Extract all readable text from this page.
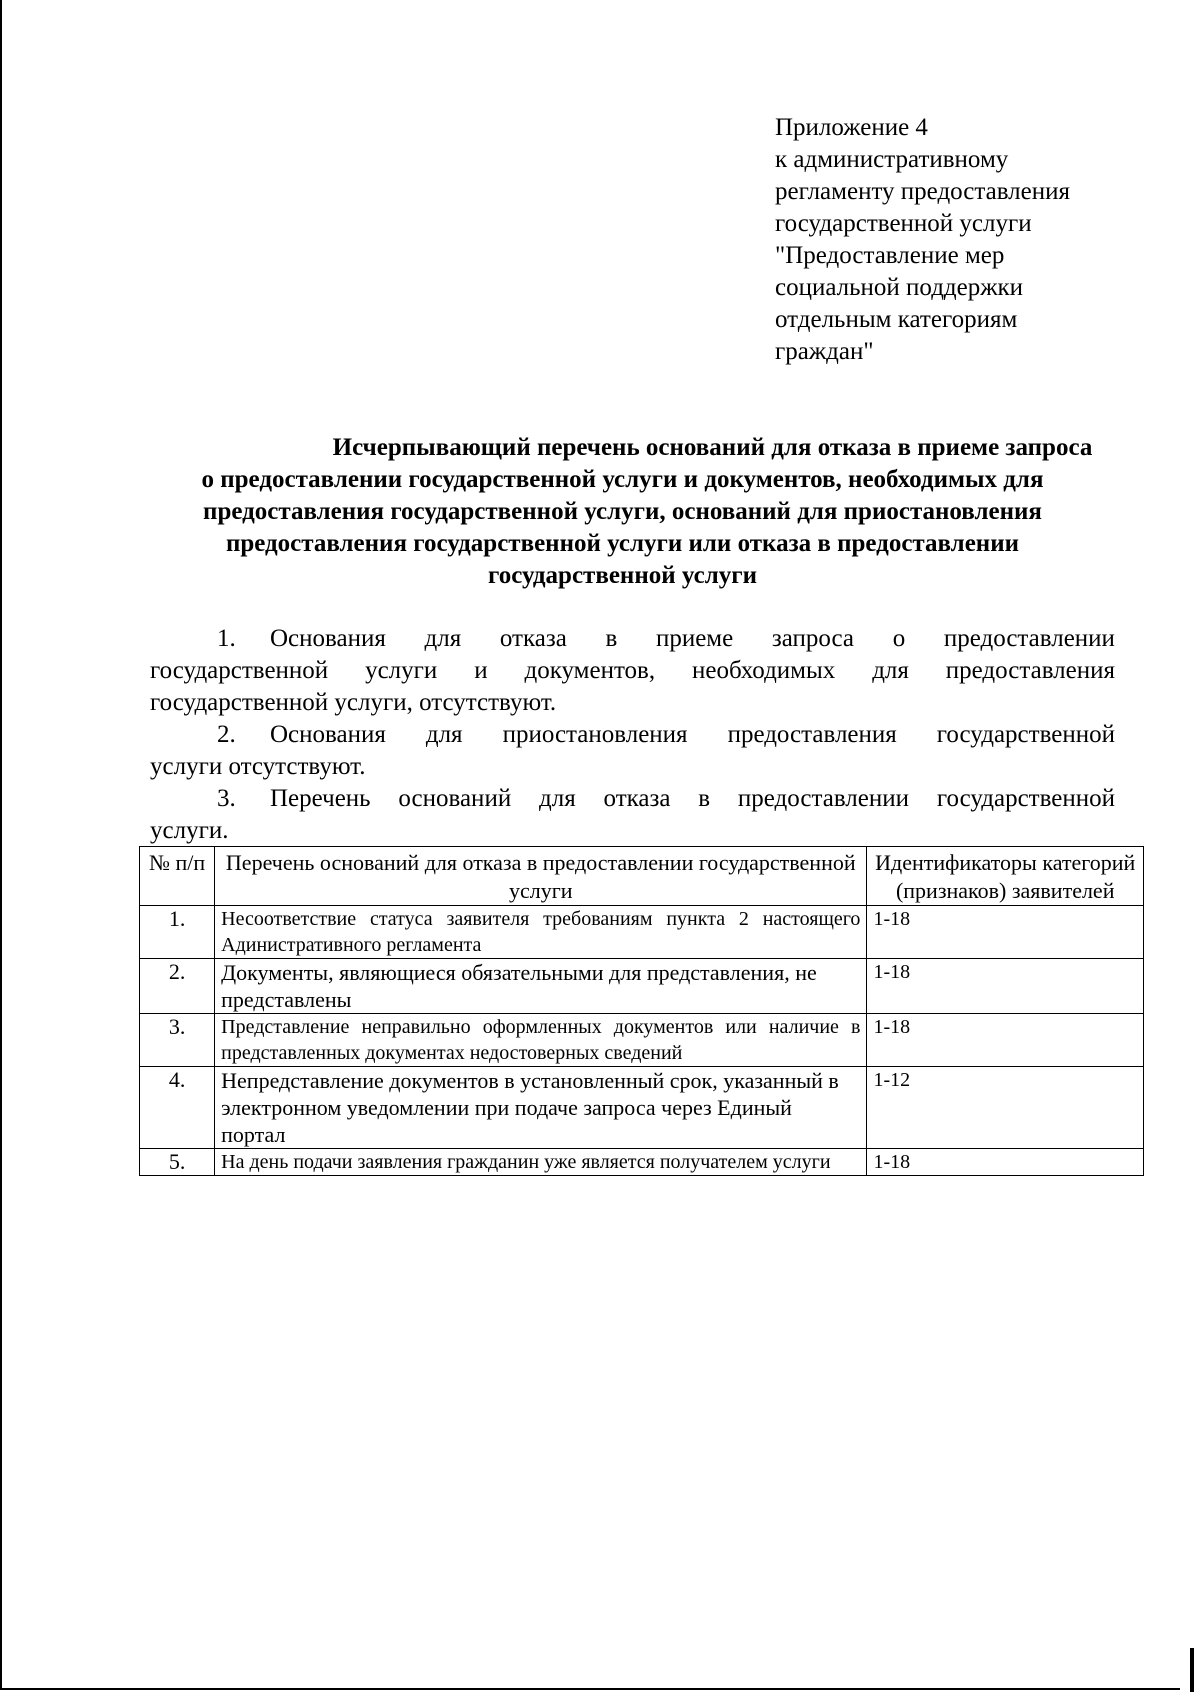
Приложение 4
к административному
регламенту предоставления
государственной услуги
"Предоставление мер
социальной поддержки
отдельным категориям
граждан"
Исчерпывающий перечень оснований для отказа в приеме запроса
о предоставлении государственной услуги и документов, необходимых для
предоставления государственной услуги, оснований для приостановления
предоставления государственной услуги или отказа в предоставлении
государственной услуги
1.	Основания для отказа в приеме запроса о предоставлении
государственной услуги и документов, необходимых для предоставления
государственной услуги, отсутствуют.
2.	Основания для приостановления предоставления государственной
услуги отсутствуют.
3.	Перечень оснований для отказа в предоставлении государственной
услуги.
№ п/п	Перечень оснований для отказа в предоставлении государственной услуги	Идентификаторы категорий (признаков) заявителей
1.	Несоответствие статуса заявителя требованиям пункта 2 настоящего Адинистративного регламента	1-18
2.	Документы, являющиеся обязательными для представления, не представлены	1-18
3.	Представление неправильно оформленных документов или наличие в представленных документах недостоверных сведений	1-18
4.	Непредставление документов в установленный срок, указанный в электронном уведомлении при подаче запроса через Единый портал	1-12
5.	На день подачи заявления гражданин уже является получателем услуги	1-18
